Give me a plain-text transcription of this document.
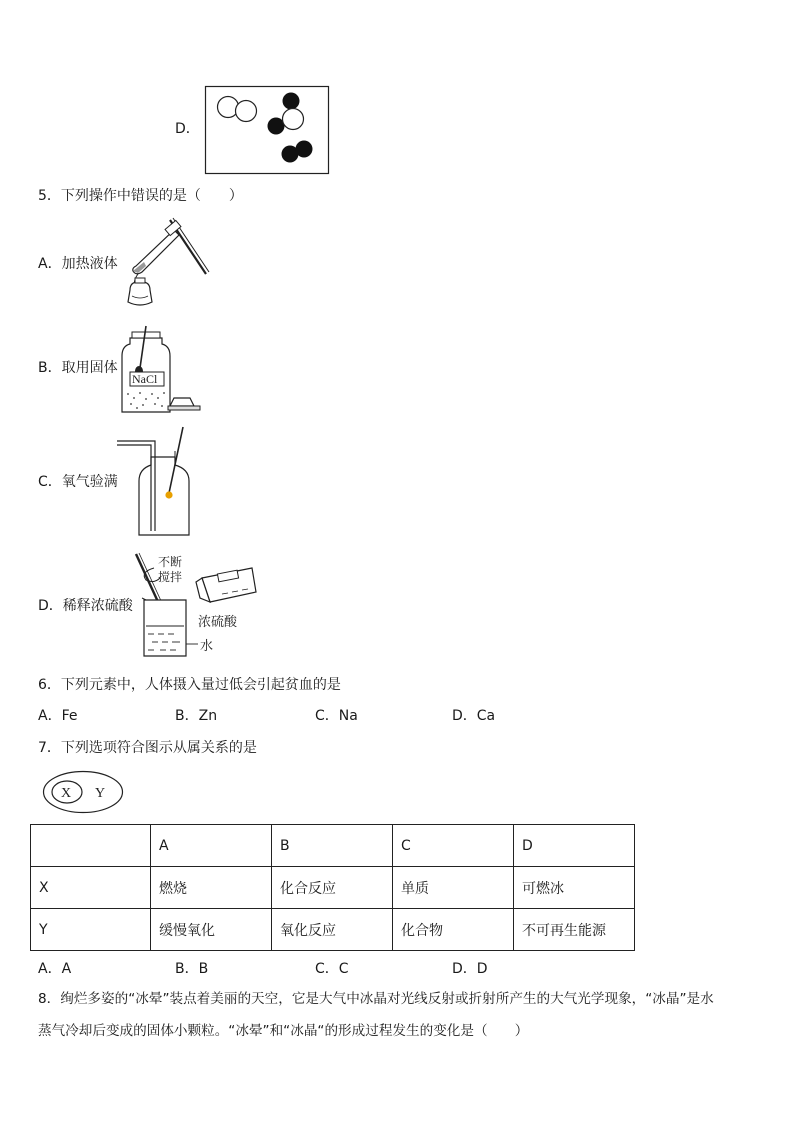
D．
5．下列操作中错误的是（　　）
A．加热液体
B．取用固体
NaCl
C．氧气验满
D．稀释浓硫酸
不断
搅拌
水
浓硫酸
6．下列元素中，人体摄入量过低会引起贫血的是
A．Fe	B．Zn	C．Na	D．Ca
7．下列选项符合图示从属关系的是
X Y
	A	B	C	D
X	燃烧	化合反应	单质	可燃冰
Y	缓慢氧化	氧化反应	化合物	不可再生能源
A．A	B．B	C．C	D．D
8．绚烂多姿的“冰晕”装点着美丽的天空，它是大气中冰晶对光线反射或折射所产生的大气光学现象，“冰晶”是水
蒸气冷却后变成的固体小颗粒。“冰晕”和“冰晶“的形成过程发生的变化是（　　）
